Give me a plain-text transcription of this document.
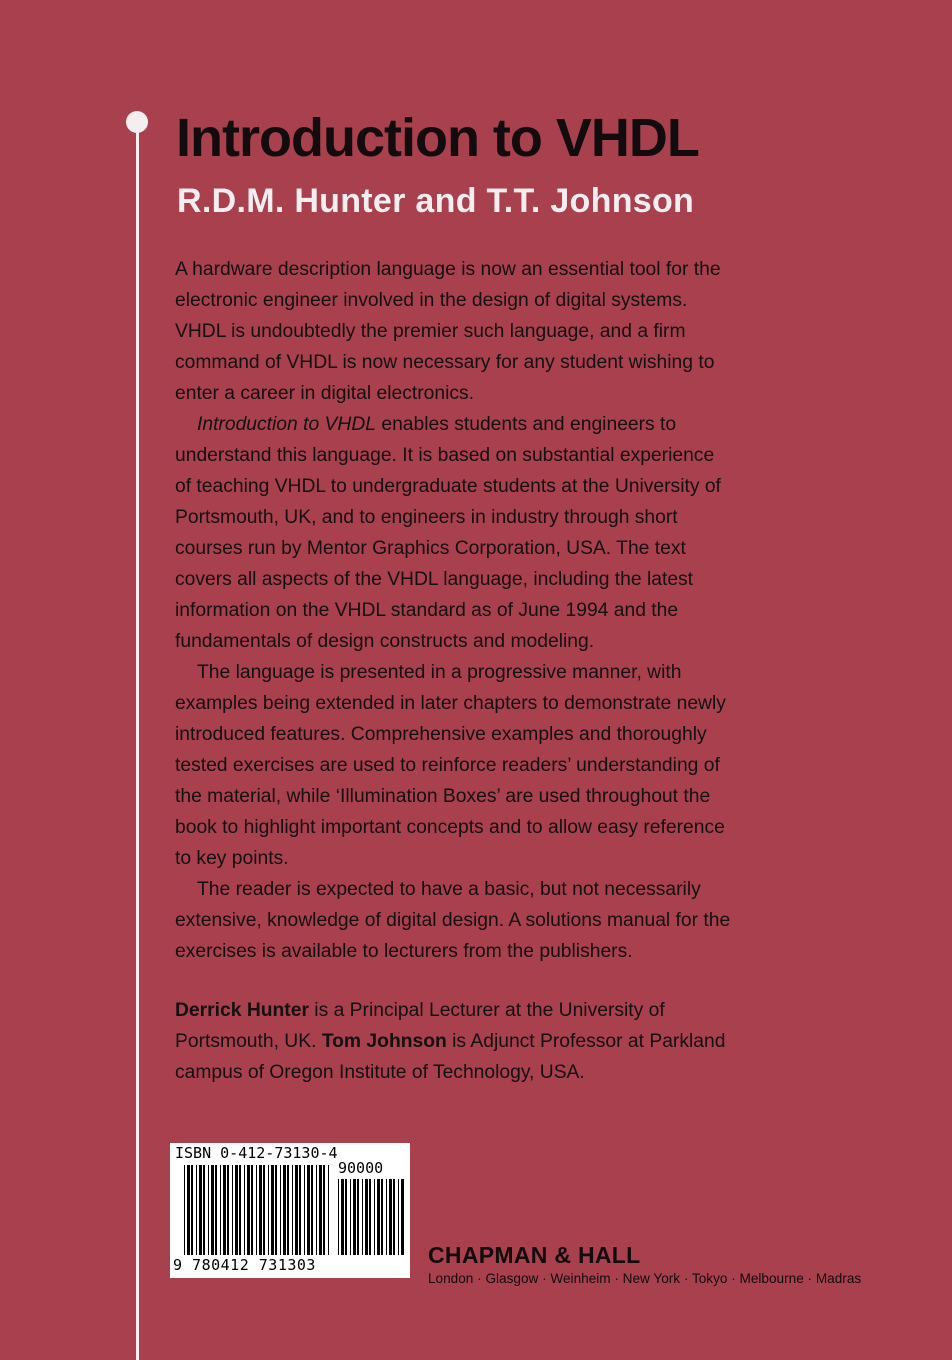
Introduction to VHDL
R.D.M. Hunter and T.T. Johnson

A hardware description language is now an essential tool for the electronic engineer involved in the design of digital systems. VHDL is undoubtedly the premier such language, and a firm command of VHDL is now necessary for any student wishing to enter a career in digital electronics.

Introduction to VHDL enables students and engineers to understand this language. It is based on substantial experience of teaching VHDL to undergraduate students at the University of Portsmouth, UK, and to engineers in industry through short courses run by Mentor Graphics Corporation, USA. The text covers all aspects of the VHDL language, including the latest information on the VHDL standard as of June 1994 and the fundamentals of design constructs and modeling.

The language is presented in a progressive manner, with examples being extended in later chapters to demonstrate newly introduced features. Comprehensive examples and thoroughly tested exercises are used to reinforce readers’ understanding of the material, while ‘Illumination Boxes’ are used throughout the book to highlight important concepts and to allow easy reference to key points.

The reader is expected to have a basic, but not necessarily extensive, knowledge of digital design. A solutions manual for the exercises is available to lecturers from the publishers.

Derrick Hunter is a Principal Lecturer at the University of Portsmouth, UK. Tom Johnson is Adjunct Professor at Parkland campus of Oregon Institute of Technology, USA.

ISBN 0-412-73130-4
90000
9 780412 731303	CHAPMAN & HALL

London · Glasgow · Weinheim · New York · Tokyo · Melbourne · Madras
